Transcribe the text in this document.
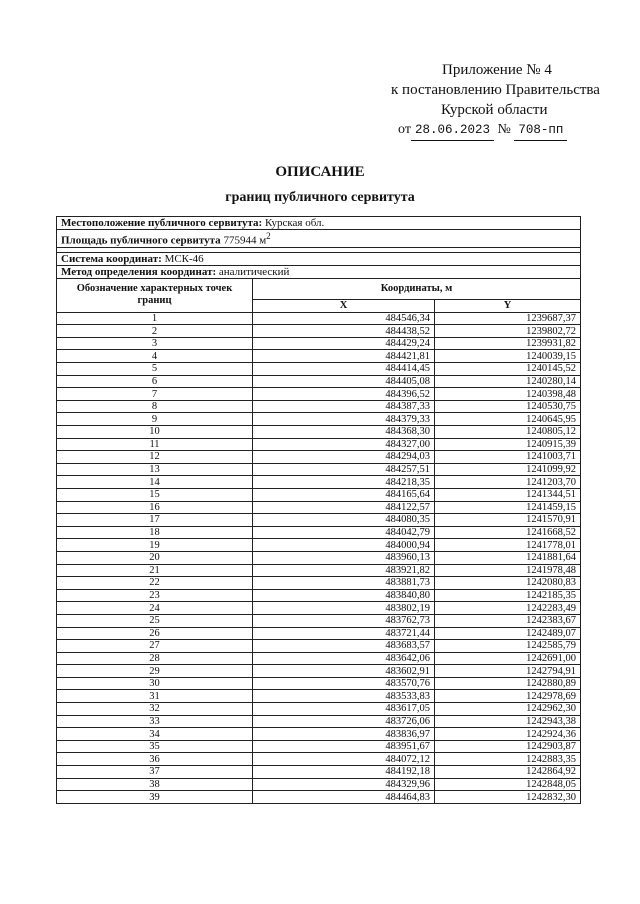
Приложение № 4
к постановлению Правительства
Курской области
от 28.06.2023 № 708-пп
ОПИСАНИЕ
границ публичного сервитута
Местоположение публичного сервитута: Курская обл.		
Площадь публичного сервитута 775944 $м^2$

Система координат: МСК-46		
Метод определения координат: аналитический		
Обозначение характерных точек границ	Координаты, м	
	X	Y
1	484546,34	1239687,37
2	484438,52	1239802,72
3	484429,24	1239931,82
4	484421,81	1240039,15
5	484414,45	1240145,52
6	484405,08	1240280,14
7	484396,52	1240398,48
8	484387,33	1240530,75
9	484379,33	1240645,95
10	484368,30	1240805,12
11	484327,00	1240915,39
12	484294,03	1241003,71
13	484257,51	1241099,92
14	484218,35	1241203,70
15	484165,64	1241344,51
16	484122,57	1241459,15
17	484080,35	1241570,91
18	484042,79	1241668,52
19	484000,94	1241778,01
20	483960,13	1241881,64
21	483921,82	1241978,48
22	483881,73	1242080,83
23	483840,80	1242185,35
24	483802,19	1242283,49
25	483762,73	1242383,67
26	483721,44	1242489,07
27	483683,57	1242585,79
28	483642,06	1242691,00
29	483602,91	1242794,91
30	483570,76	1242880,89
31	483533,83	1242978,69
32	483617,05	1242962,30
33	483726,06	1242943,38
34	483836,97	1242924,36
35	483951,67	1242903,87
36	484072,12	1242883,35
37	484192,18	1242864,92
38	484329,96	1242848,05
39	484464,83	1242832,30
